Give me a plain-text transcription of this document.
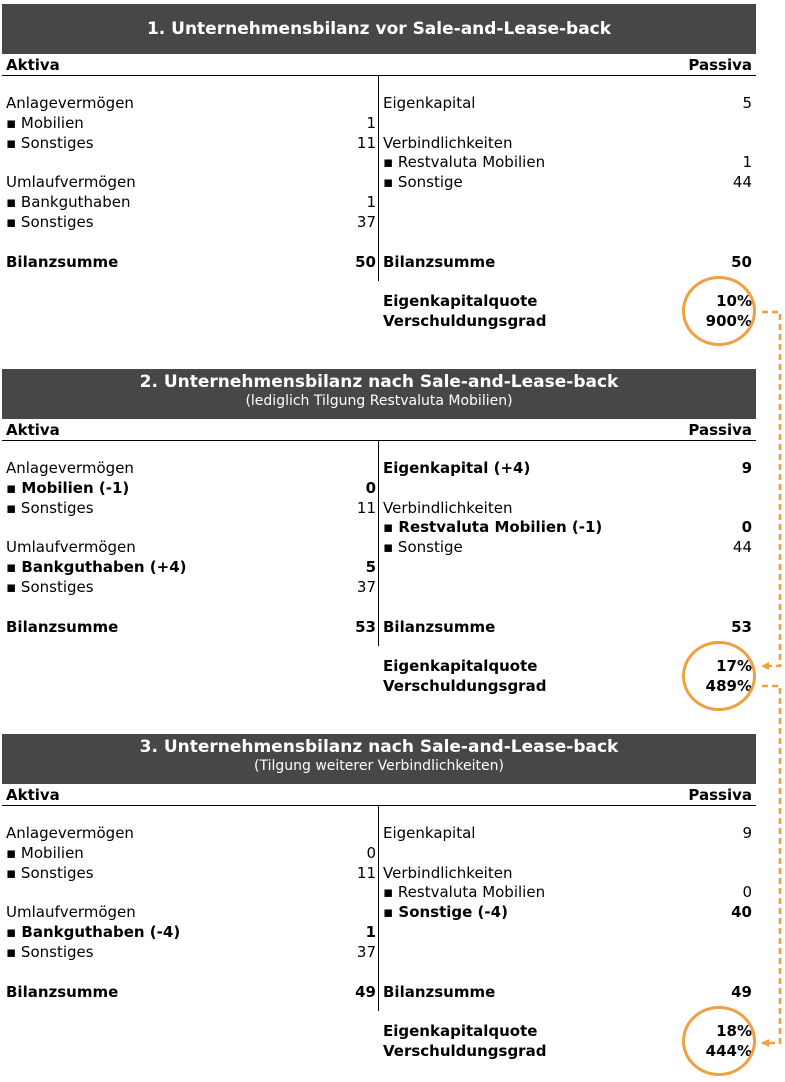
1. Unternehmensbilanz vor Sale-and-Lease-back
Aktiva	Passiva
Anlagevermögen
▪ Mobilien	1
▪ Sonstiges	11
Umlaufvermögen
▪ Bankguthaben	1
▪ Sonstiges	37
Eigenkapital	5
Verbindlichkeiten
▪ Restvaluta Mobilien	1
▪ Sonstige	44
Bilanzsumme	50 Bilanzsumme	50
Eigenkapitalquote	10%
Verschuldungsgrad	900%
2. Unternehmensbilanz nach Sale-and-Lease-back
(lediglich Tilgung Restvaluta Mobilien)
Aktiva	Passiva
Anlagevermögen
▪ Mobilien (-1)	0
▪ Sonstiges	11
Umlaufvermögen
▪ Bankguthaben (+4)	5
▪ Sonstiges	37
Eigenkapital (+4)	9
Verbindlichkeiten
▪ Restvaluta Mobilien (-1)	0
▪ Sonstige	44
Bilanzsumme	53 Bilanzsumme	53
Eigenkapitalquote	17%
Verschuldungsgrad	489%
3. Unternehmensbilanz nach Sale-and-Lease-back
(Tilgung weiterer Verbindlichkeiten)
Aktiva	Passiva
Anlagevermögen
▪ Mobilien	0
▪ Sonstiges	11
Umlaufvermögen
▪ Bankguthaben (-4)	1
▪ Sonstiges	37
Eigenkapital	9
Verbindlichkeiten
▪ Restvaluta Mobilien	0
▪ Sonstige (-4)	40
Bilanzsumme	49 Bilanzsumme	49
Eigenkapitalquote	18%
Verschuldungsgrad	444%
